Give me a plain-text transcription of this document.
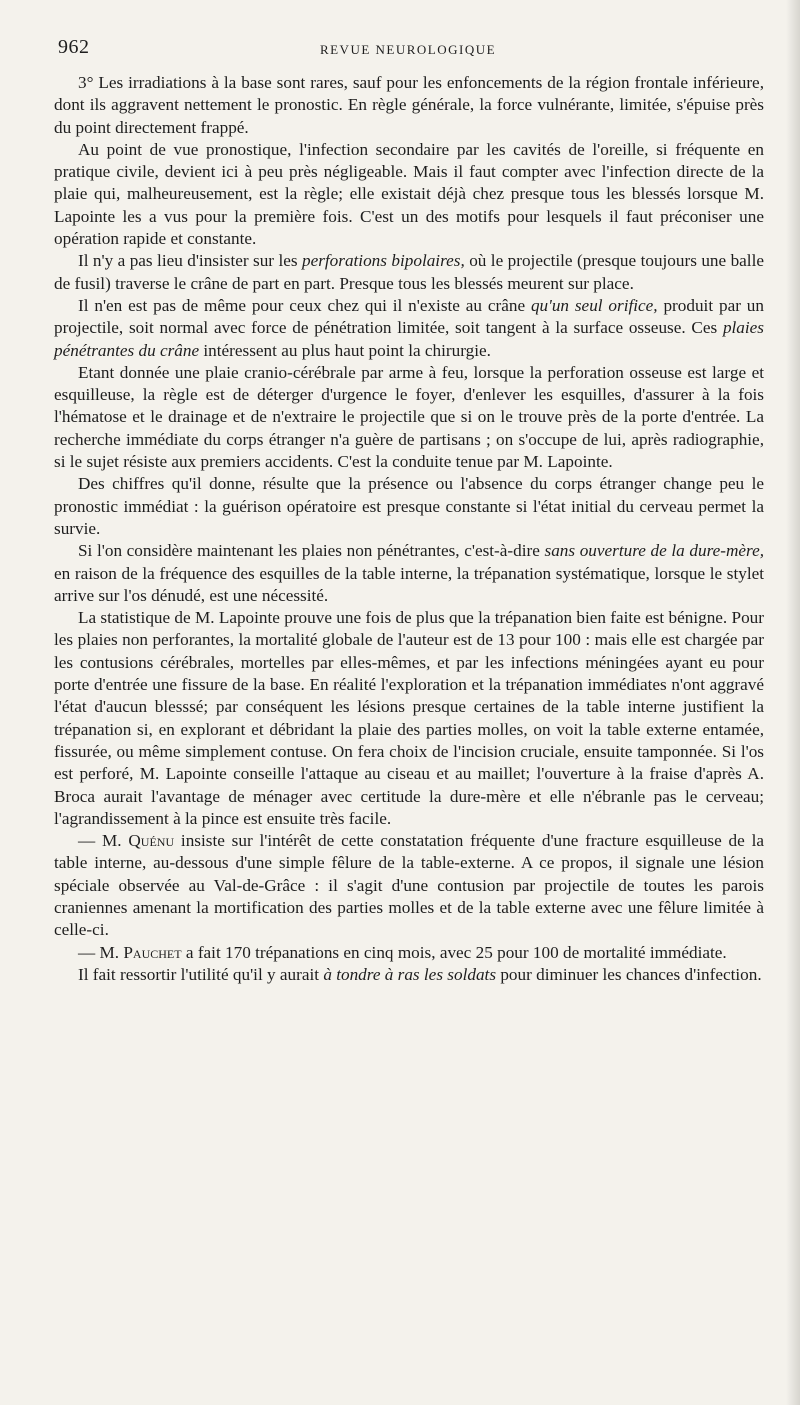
962	REVUE NEUROLOGIQUE

3° Les irradiations à la base sont rares, sauf pour les enfoncements de la région frontale inférieure, dont ils aggravent nettement le pronostic. En règle générale, la force vulnérante, limitée, s'épuise près du point directement frappé.

Au point de vue pronostique, l'infection secondaire par les cavités de l'oreille, si fréquente en pratique civile, devient ici à peu près négligeable. Mais il faut compter avec l'infection directe de la plaie qui, malheureusement, est la règle; elle existait déjà chez presque tous les blessés lorsque M. Lapointe les a vus pour la première fois. C'est un des motifs pour lesquels il faut préconiser une opération rapide et constante.

Il n'y a pas lieu d'insister sur les perforations bipolaires, où le projectile (presque toujours une balle de fusil) traverse le crâne de part en part. Presque tous les blessés meurent sur place.

Il n'en est pas de même pour ceux chez qui il n'existe au crâne qu'un seul orifice, produit par un projectile, soit normal avec force de pénétration limitée, soit tangent à la surface osseuse. Ces plaies pénétrantes du crâne intéressent au plus haut point la chirurgie.

Etant donnée une plaie cranio-cérébrale par arme à feu, lorsque la perforation osseuse est large et esquilleuse, la règle est de déterger d'urgence le foyer, d'enlever les esquilles, d'assurer à la fois l'hématose et le drainage et de n'extraire le projectile que si on le trouve près de la porte d'entrée. La recherche immédiate du corps étranger n'a guère de partisans ; on s'occupe de lui, après radiographie, si le sujet résiste aux premiers accidents. C'est la conduite tenue par M. Lapointe.

Des chiffres qu'il donne, résulte que la présence ou l'absence du corps étranger change peu le pronostic immédiat : la guérison opératoire est presque constante si l'état initial du cerveau permet la survie.

Si l'on considère maintenant les plaies non pénétrantes, c'est-à-dire sans ouverture de la dure-mère, en raison de la fréquence des esquilles de la table interne, la trépanation systématique, lorsque le stylet arrive sur l'os dénudé, est une nécessité.

La statistique de M. Lapointe prouve une fois de plus que la trépanation bien faite est bénigne. Pour les plaies non perforantes, la mortalité globale de l'auteur est de 13 pour 100 : mais elle est chargée par les contusions cérébrales, mortelles par elles-mêmes, et par les infections méningées ayant eu pour porte d'entrée une fissure de la base. En réalité l'exploration et la trépanation immédiates n'ont aggravé l'état d'aucun blesssé; par conséquent les lésions presque certaines de la table interne justifient la trépanation si, en explorant et débridant la plaie des parties molles, on voit la table externe entamée, fissurée, ou même simplement contuse. On fera choix de l'incision cruciale, ensuite tamponnée. Si l'os est perforé, M. Lapointe conseille l'attaque au ciseau et au maillet; l'ouverture à la fraise d'après A. Broca aurait l'avantage de ménager avec certitude la dure-mère et elle n'ébranle pas le cerveau; l'agrandissement à la pince est ensuite très facile.

— M. Quénu insiste sur l'intérêt de cette constatation fréquente d'une fracture esquilleuse de la table interne, au-dessous d'une simple fêlure de la table-externe. A ce propos, il signale une lésion spéciale observée au Val-de-Grâce : il s'agit d'une contusion par projectile de toutes les parois craniennes amenant la mortification des parties molles et de la table externe avec une fêlure limitée à celle-ci.

— M. Pauchet a fait 170 trépanations en cinq mois, avec 25 pour 100 de mortalité immédiate.

Il fait ressortir l'utilité qu'il y aurait à tondre à ras les soldats pour diminuer les chances d'infection.
